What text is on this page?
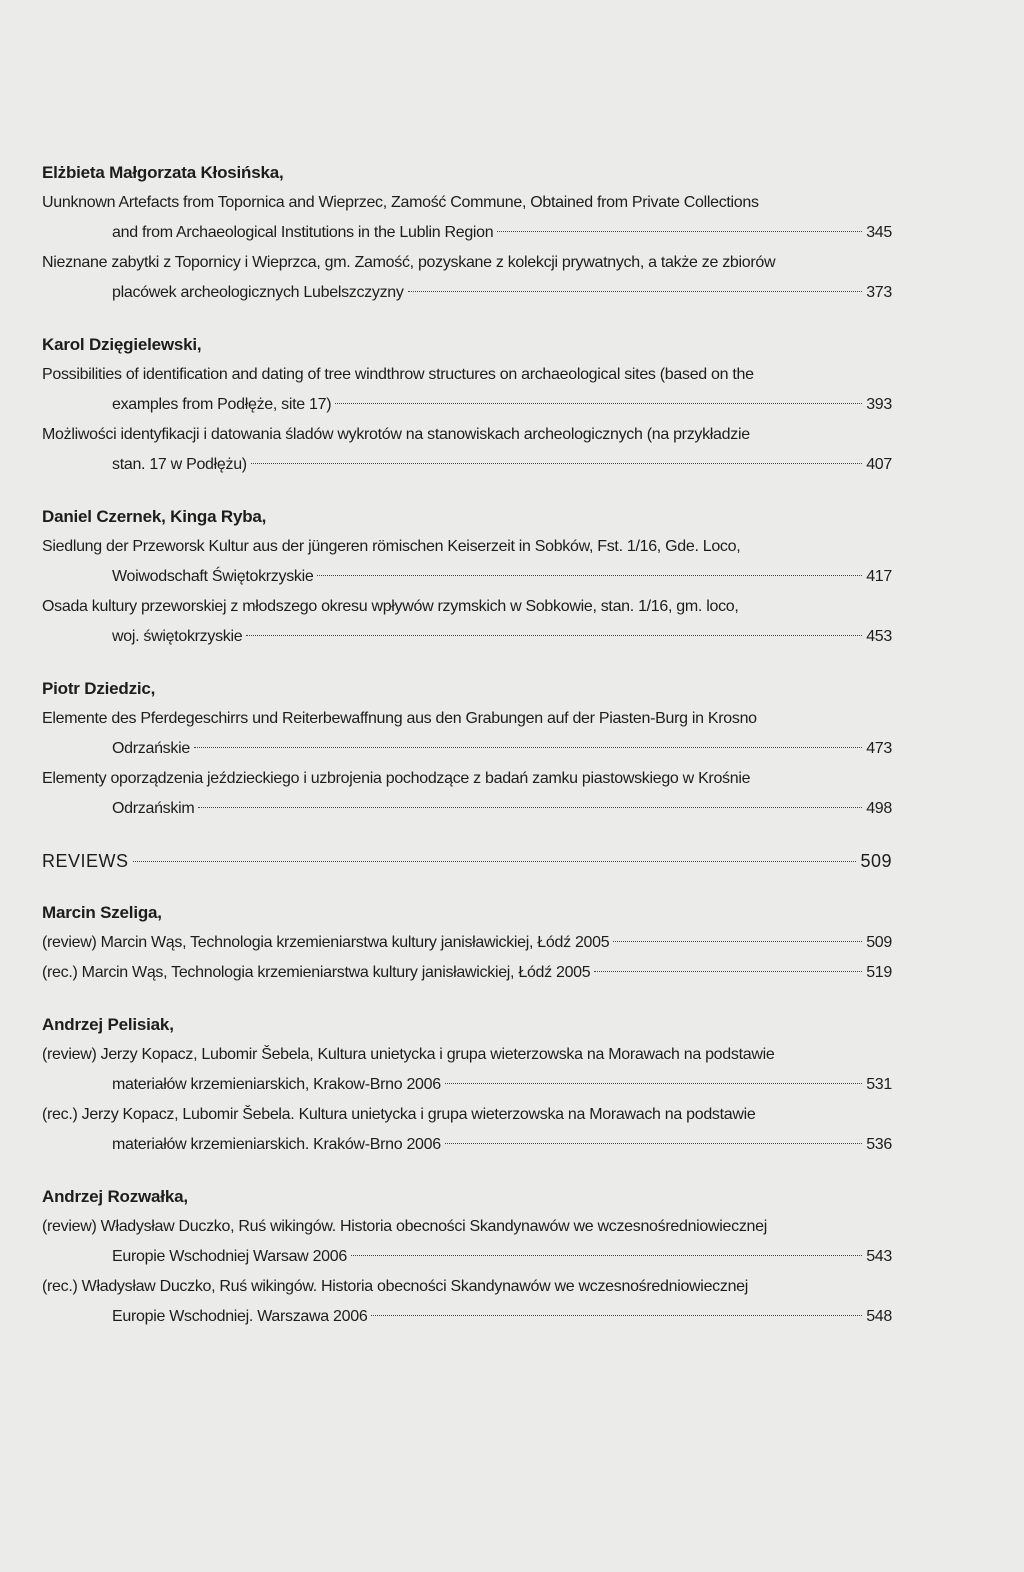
Elżbieta Małgorzata Kłosińska,
Uunknown Artefacts from Topornica and Wieprzec, Zamość Commune, Obtained from Private Collections
and from Archaeological Institutions in the Lublin Region	345
Nieznane zabytki z Topornicy i Wieprzca, gm. Zamość, pozyskane z kolekcji prywatnych, a także ze zbiorów
placówek archeologicznych Lubelszczyzny	373
Karol Dzięgielewski,
Possibilities of identification and dating of tree windthrow structures on archaeological sites (based on the
examples from Podłęże, site 17)	393
Możliwości identyfikacji i datowania śladów wykrotów na stanowiskach archeologicznych (na przykładzie
stan. 17 w Podłężu)	407
Daniel Czernek, Kinga Ryba,
Siedlung der Przeworsk Kultur aus der jüngeren römischen Keiserzeit in Sobków, Fst. 1/16, Gde. Loco,
Woiwodschaft Świętokrzyskie	417
Osada kultury przeworskiej z młodszego okresu wpływów rzymskich w Sobkowie, stan. 1/16, gm. loco,
woj. świętokrzyskie	453
Piotr Dziedzic,
Elemente des Pferdegeschirrs und Reiterbewaffnung aus den Grabungen auf der Piasten-Burg in Krosno
Odrzańskie	473
Elementy oporządzenia jeździeckiego i uzbrojenia pochodzące z badań zamku piastowskiego w Krośnie
Odrzańskim	498
REVIEWS	509
Marcin Szeliga,
(review) Marcin Wąs, Technologia krzemieniarstwa kultury janisławickiej, Łódź 2005	509
(rec.) Marcin Wąs, Technologia krzemieniarstwa kultury janisławickiej, Łódź 2005	519
Andrzej Pelisiak,
(review) Jerzy Kopacz, Lubomir Šebela, Kultura unietycka i grupa wieterzowska na Morawach na podstawie
materiałów krzemieniarskich, Krakow-Brno 2006	531
(rec.) Jerzy Kopacz, Lubomir Šebela. Kultura unietycka i grupa wieterzowska na Morawach na podstawie
materiałów krzemieniarskich. Kraków-Brno 2006	536
Andrzej Rozwałka,
(review) Władysław Duczko, Ruś wikingów. Historia obecności Skandynawów we wczesnośredniowiecznej
Europie Wschodniej Warsaw 2006	543
(rec.) Władysław Duczko, Ruś wikingów. Historia obecności Skandynawów we wczesnośredniowiecznej
Europie Wschodniej. Warszawa 2006	548
